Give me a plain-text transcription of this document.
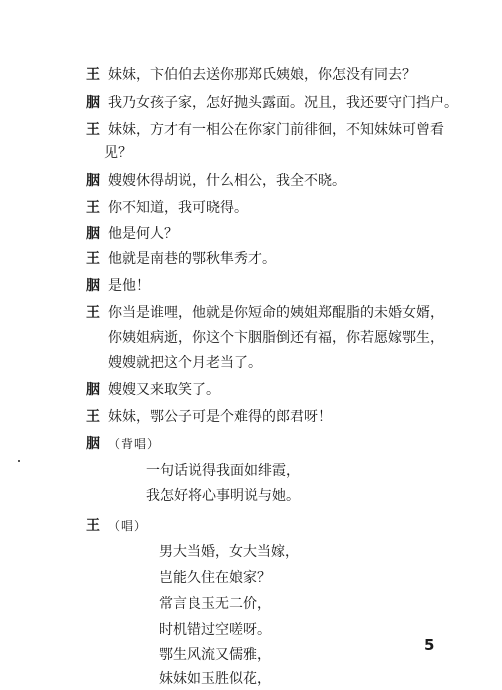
王 妹妹，卞伯伯去送你那郑氏姨娘，你怎没有同去？
胭 我乃女孩子家，怎好抛头露面。况且，我还要守门挡户。
王 妹妹，方才有一相公在你家门前徘徊，不知妹妹可曾看
见？
胭 嫂嫂休得胡说，什么相公，我全不晓。
王 你不知道，我可晓得。
胭 他是何人？
王 他就是南巷的鄂秋隼秀才。
胭 是他！
王 你当是谁哩，他就是你短命的姨姐郑醌脂的未婚女婿，
你姨姐病逝，你这个卞胭脂倒还有福，你若愿嫁鄂生，
嫂嫂就把这个月老当了。
胭 嫂嫂又来取笑了。
王 妹妹，鄂公子可是个难得的郎君呀！
胭 （背唱）
一句话说得我面如绯霞，
我怎好将心事明说与她。
王 （唱）
男大当婚，女大当嫁，
岂能久住在娘家？
常言良玉无二价，
时机错过空嗟呀。
鄂生风流又儒雅，
妹妹如玉胜似花，
5
